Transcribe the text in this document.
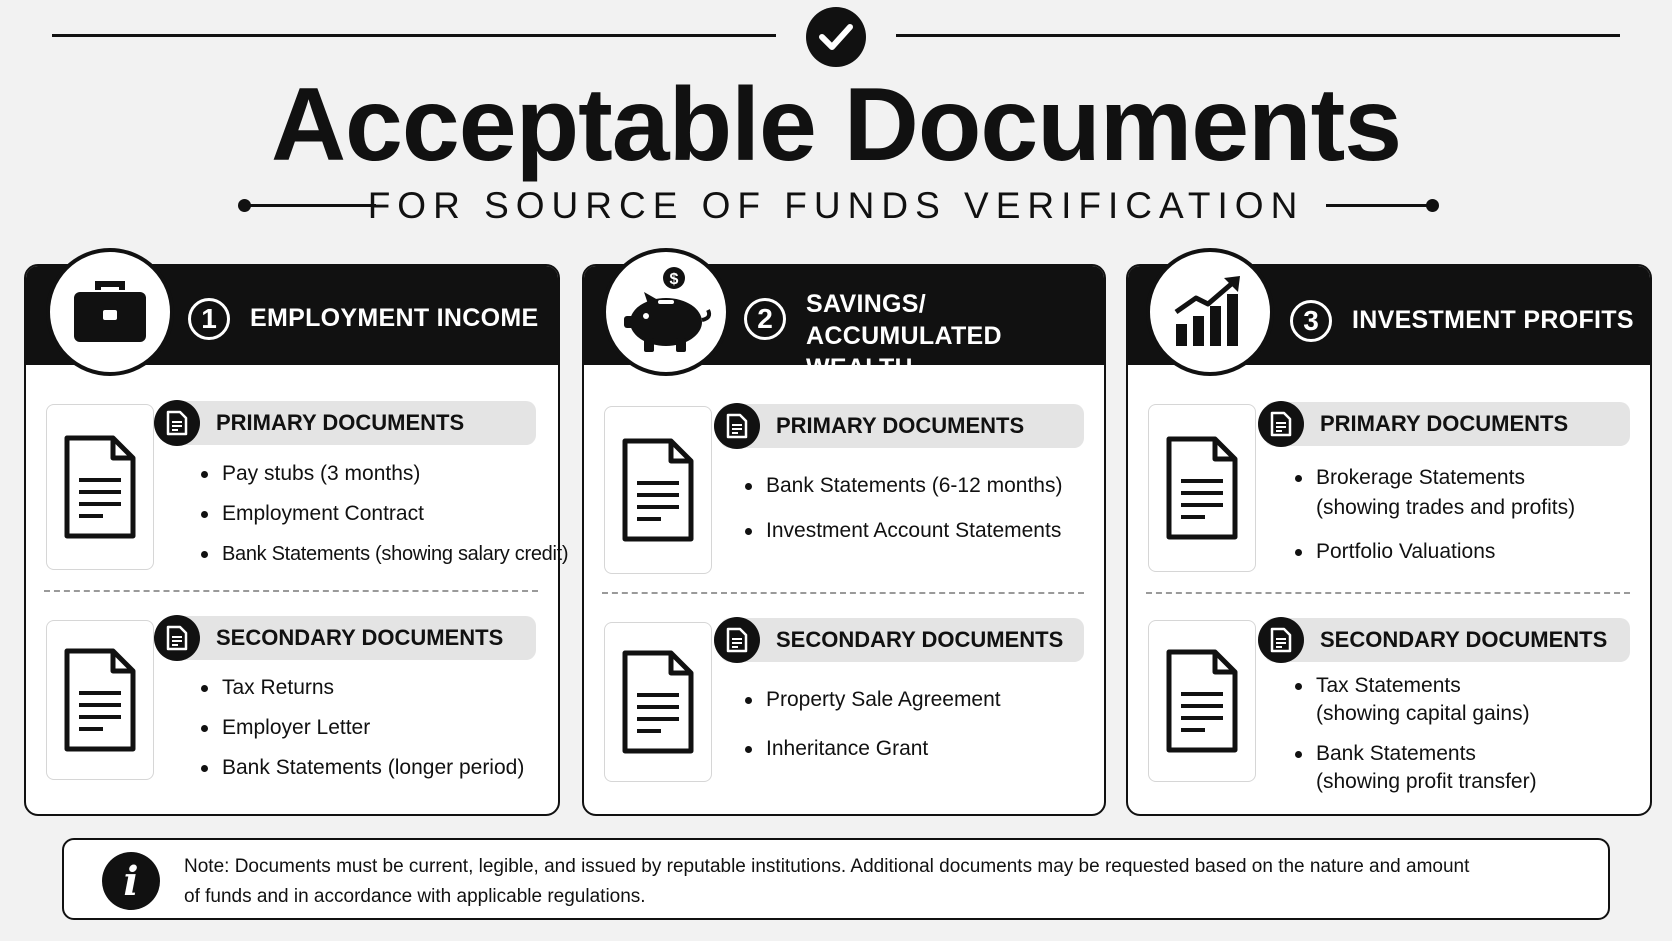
Acceptable Documents
FOR SOURCE OF FUNDS VERIFICATION
1	EMPLOYMENT INCOME
PRIMARY DOCUMENTS
Pay stubs (3 months)
Employment Contract
Bank Statements (showing salary credit)
SECONDARY DOCUMENTS
Tax Returns
Employer Letter
Bank Statements (longer period)
$
2	SAVINGS/
ACCUMULATED WEALTH
PRIMARY DOCUMENTS
Bank Statements (6-12 months)
Investment Account Statements
SECONDARY DOCUMENTS
Property Sale Agreement
Inheritance Grant
3	INVESTMENT PROFITS
PRIMARY DOCUMENTS
Brokerage Statements
(showing trades and profits)
Portfolio Valuations
SECONDARY DOCUMENTS
Tax Statements
(showing capital gains)
Bank Statements
(showing profit transfer)
i	Note: Documents must be current, legible, and issued by reputable institutions. Additional documents may be requested based on the nature and amount
of funds and in accordance with applicable regulations.
